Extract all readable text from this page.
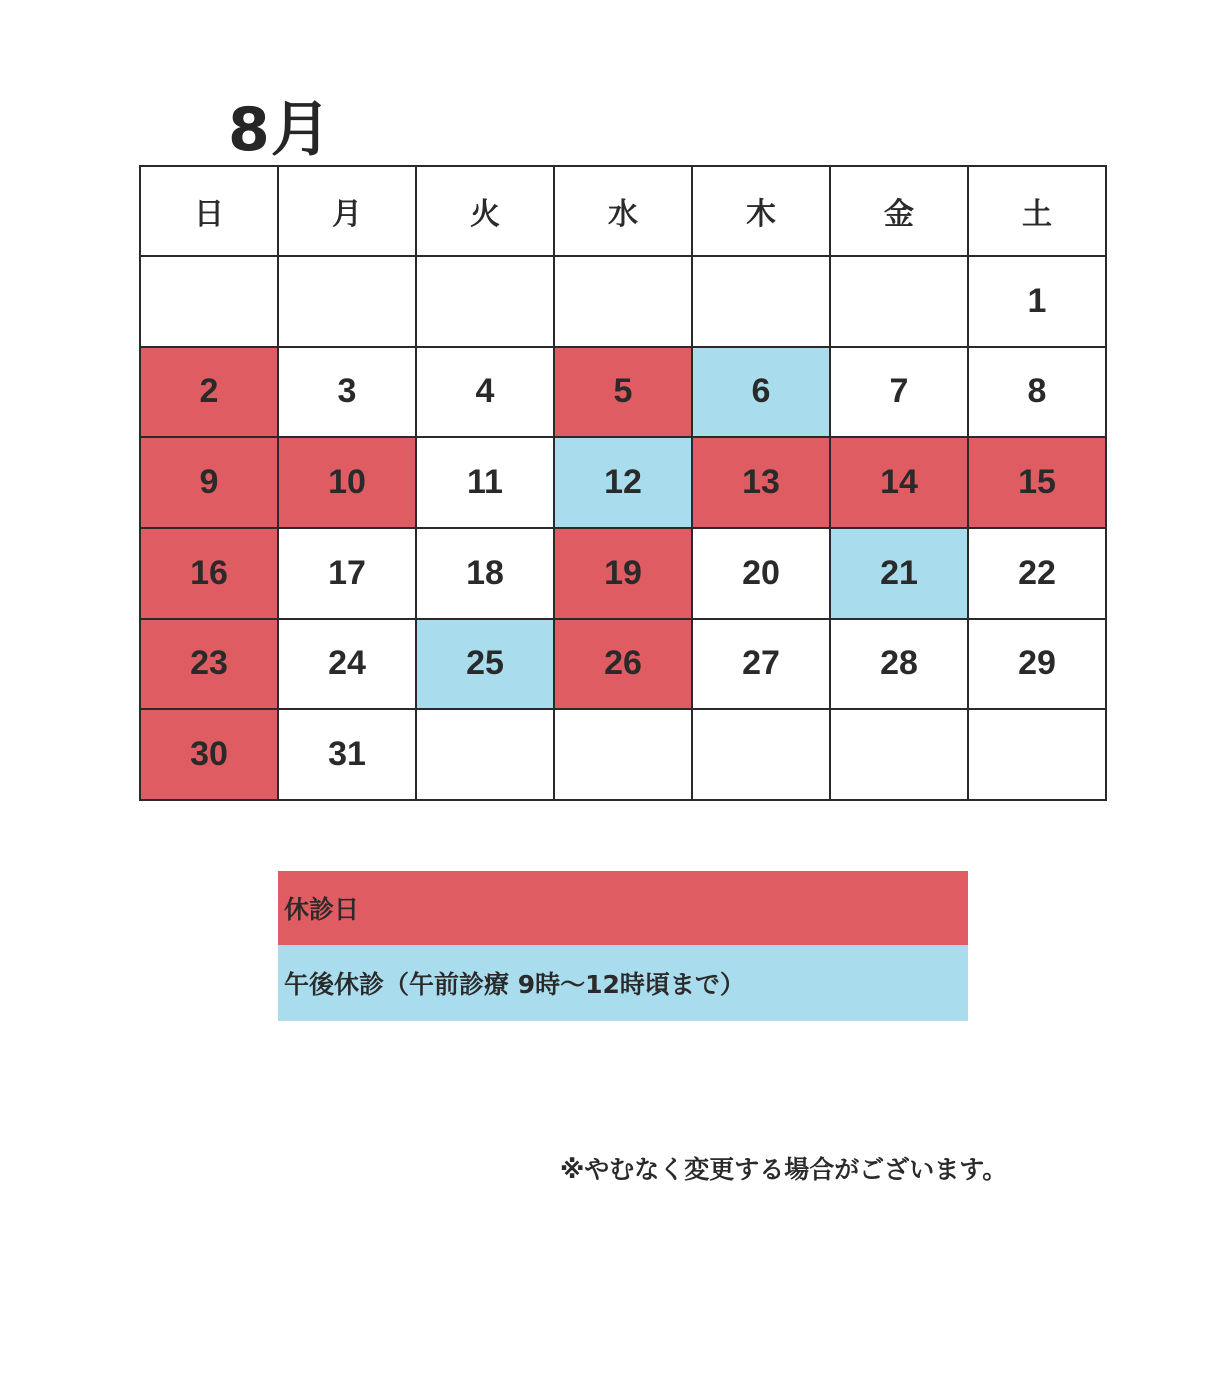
8月
日	月	火	水	木	金	土
						1
2	3	4	5	6	7	8
9	10	11	12	13	14	15
16	17	18	19	20	21	22
23	24	25	26	27	28	29
30	31					
休診日
午後休診（午前診療 9時～12時頃まで）
※やむなく変更する場合がございます。
